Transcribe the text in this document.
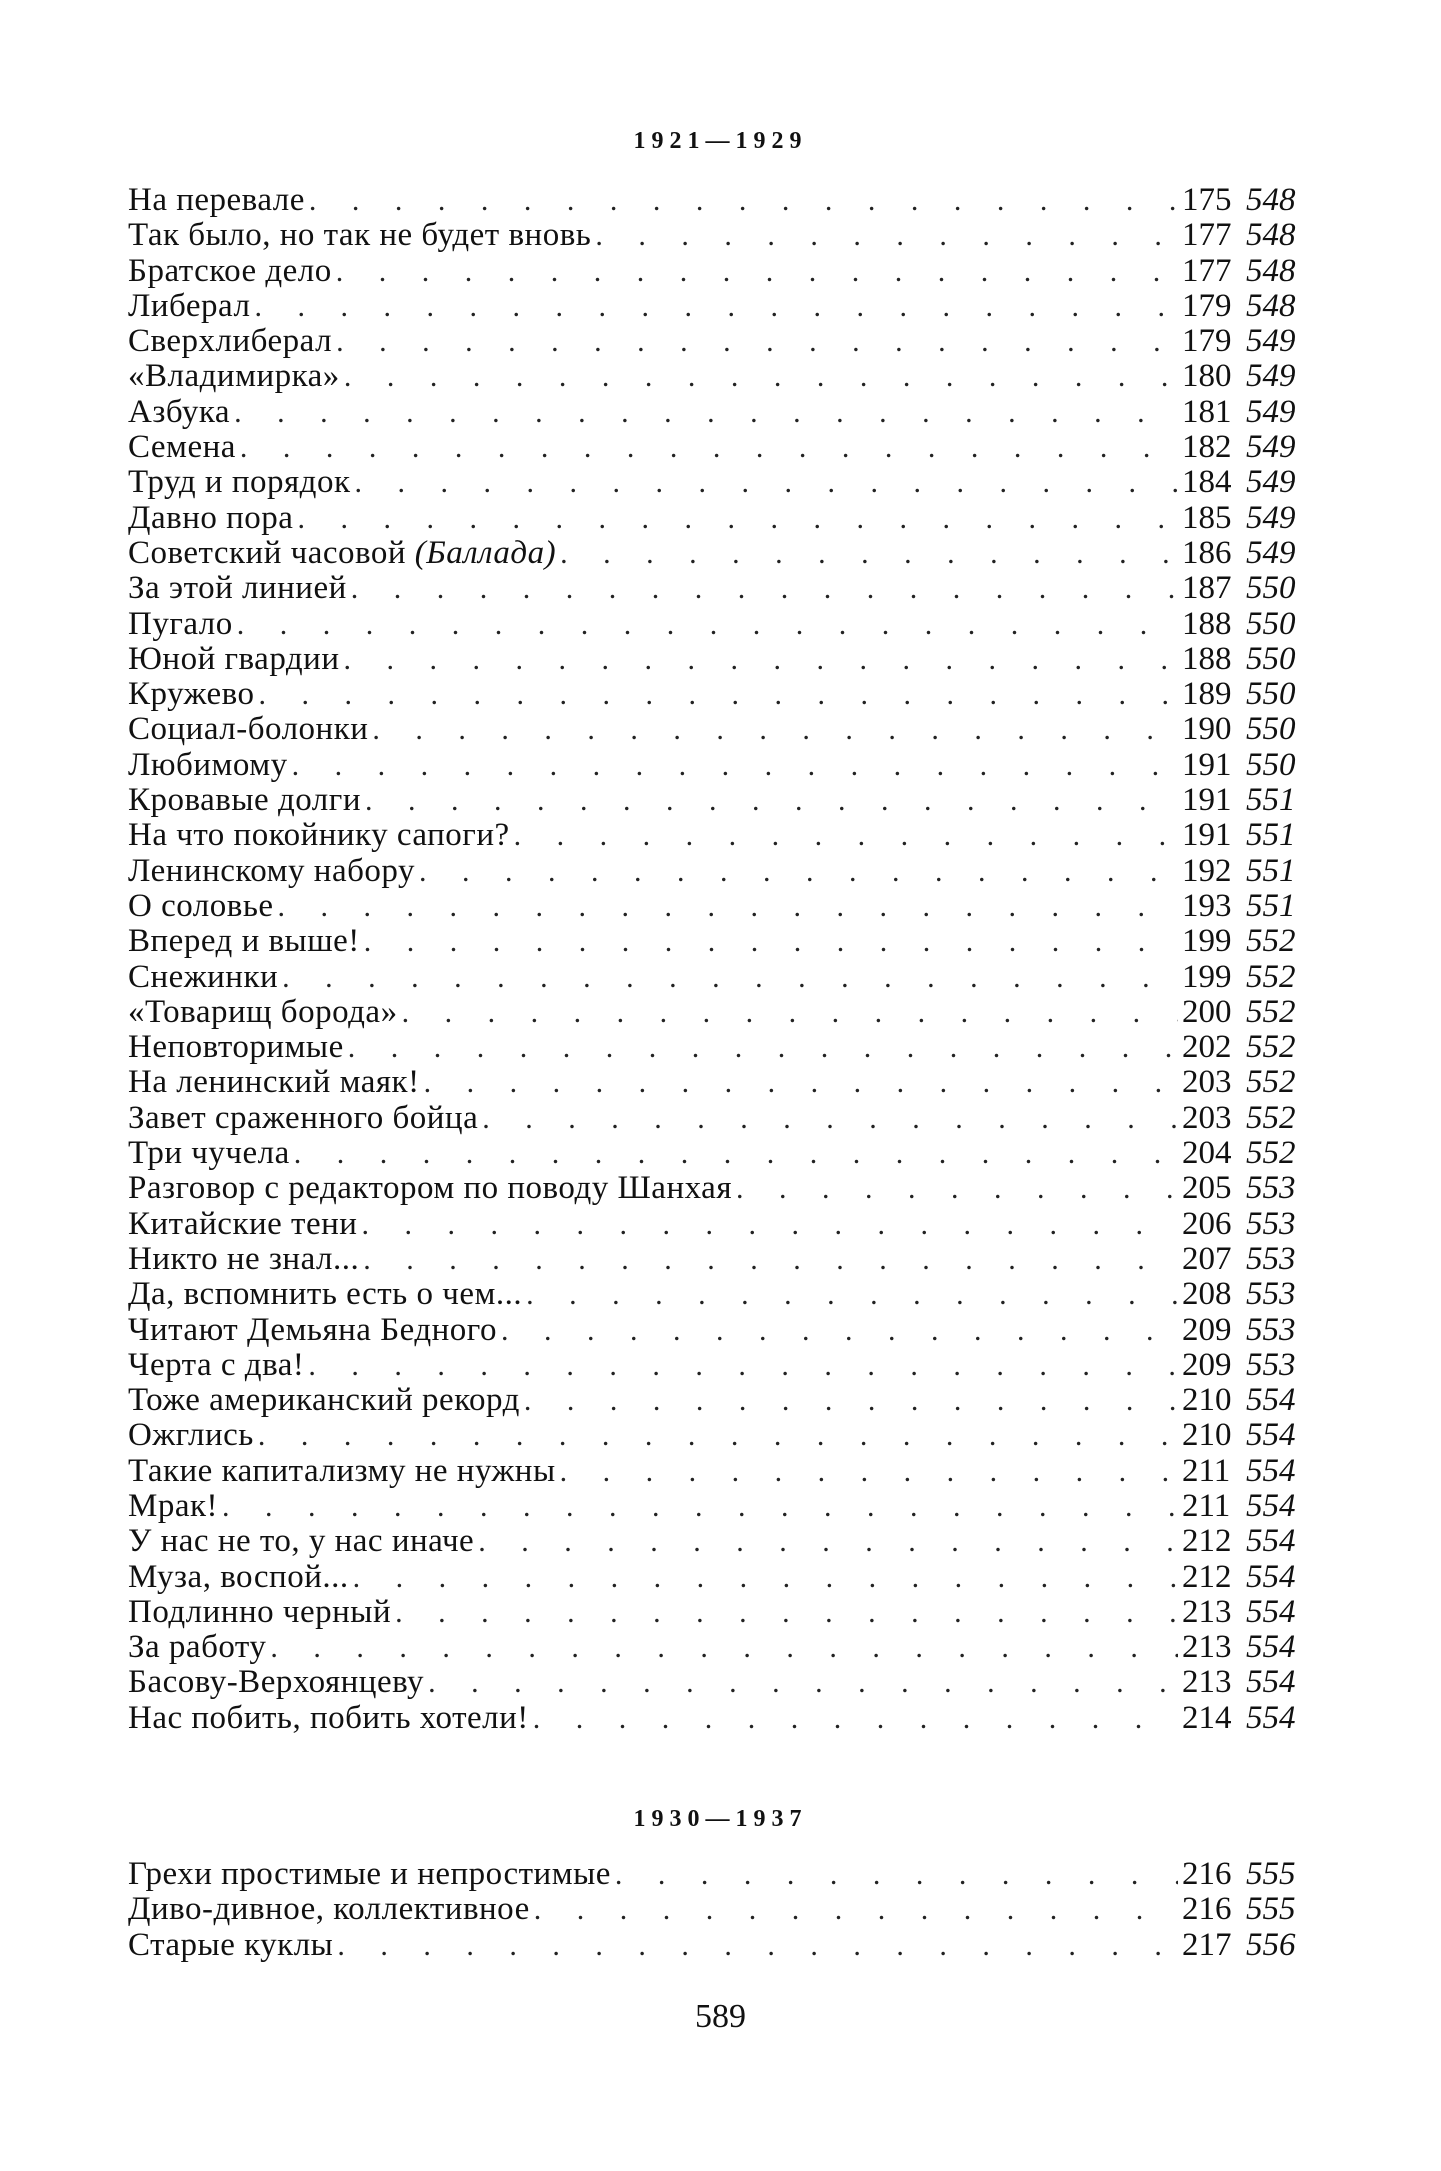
1921—1929
На перевале . . .	175 548
Так было, но так не будет вновь . . .	177 548
Братское дело . . .	177 548
Либерал . . .	179 548
Сверхлиберал . . .	179 549
«Владимирка» . . .	180 549
Азбука . . .	181 549
Семена . . .	182 549
Труд и порядок . . .	184 549
Давно пора . . .	185 549
Советский часовой (Баллада) . . .	186 549
За этой линией . . .	187 550
Пугало . . .	188 550
Юной гвардии . . .	188 550
Кружево . . .	189 550
Социал-болонки . . .	190 550
Любимому . . .	191 550
Кровавые долги . . .	191 551
На что покойнику сапоги? . . .	191 551
Ленинскому набору . . .	192 551
О соловье . . .	193 551
Вперед и выше! . . .	199 552
Снежинки . . .	199 552
«Товарищ борода» . . .	200 552
Неповторимые . . .	202 552
На ленинский маяк! . . .	203 552
Завет сраженного бойца . . .	203 552
Три чучела . . .	204 552
Разговор с редактором по поводу Шанхая . . .	205 553
Китайские тени . . .	206 553
Никто не знал... . . .	207 553
Да, вспомнить есть о чем... . . .	208 553
Читают Демьяна Бедного . . .	209 553
Черта с два! . . .	209 553
Тоже американский рекорд . . .	210 554
Ожглись . . .	210 554
Такие капитализму не нужны . . .	211 554
Мрак! . . .	211 554
У нас не то, у нас иначе . . .	212 554
Муза, воспой... . . .	212 554
Подлинно черный . . .	213 554
За работу . . .	213 554
Басову-Верхоянцеву . . .	213 554
Нас побить, побить хотели! . . .	214 554
1930—1937
Грехи простимые и непростимые . . .	216 555
Диво-дивное, коллективное . . .	216 555
Старые куклы . . .	217 556
589
